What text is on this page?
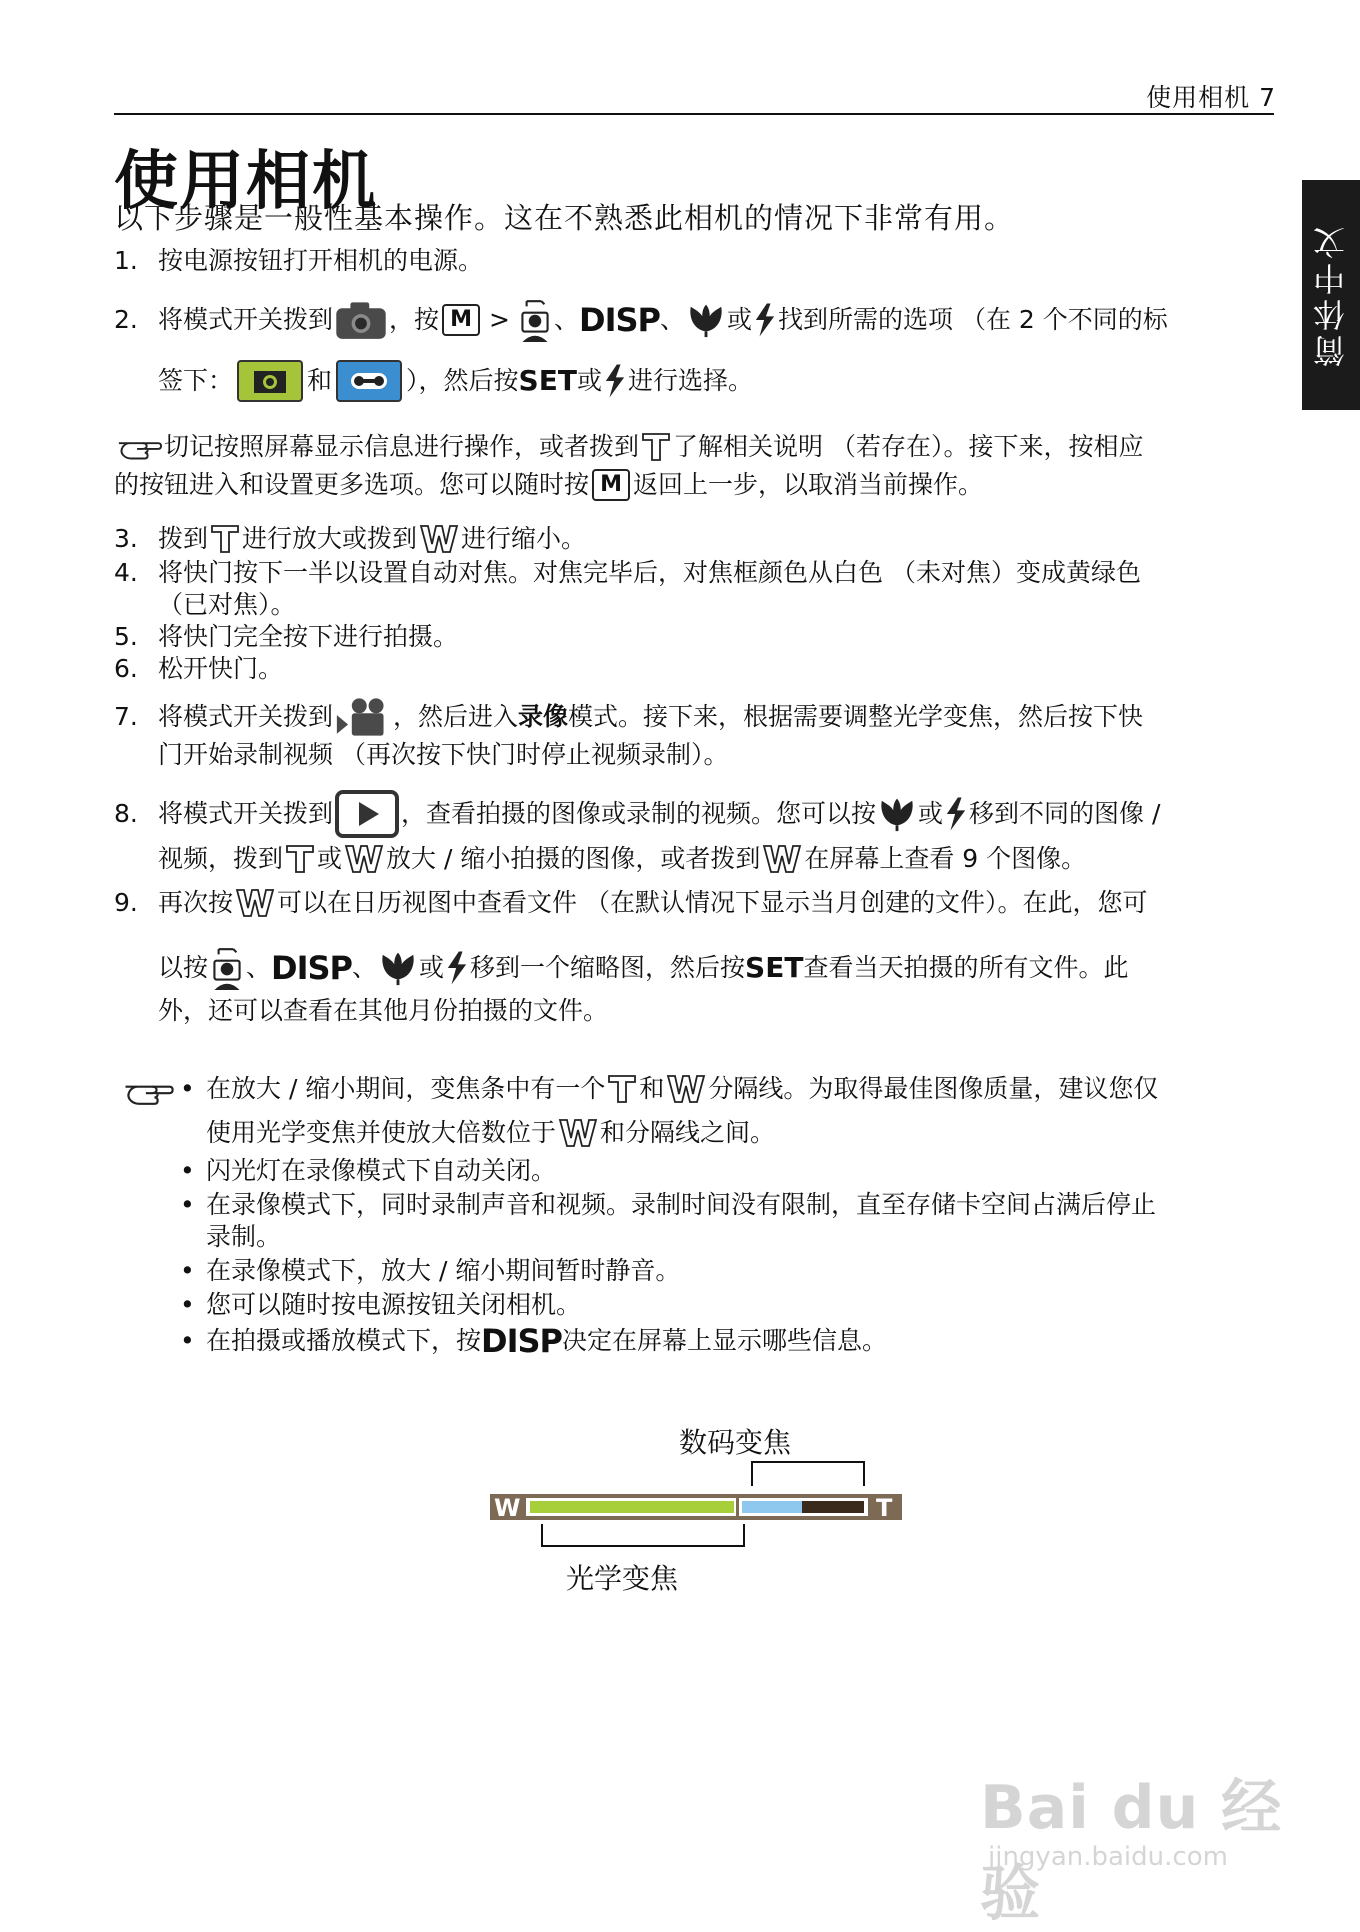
使用相机 7
简体中文
使用相机
以下步骤是一般性基本操作。这在不熟悉此相机的情况下非常有用。
1. 按电源按钮打开相机的电源。
2. 将模式开关拨到 ，按 M > 、 DISP 、 或 找到所需的选项 （在 2 个不同的标
签下：	和	），然后按 SET 或 进行选择。
切记按照屏幕显示信息进行操作，或者拨到 了解相关说明 （若存在）。接下来，按相应
的按钮进入和设置更多选项。您可以随时按 M 返回上一步，以取消当前操作。
3. 拨到 进行放大或拨到 进行缩小。
4. 将快门按下一半以设置自动对焦。对焦完毕后，对焦框颜色从白色 （未对焦）变成黄绿色
（已对焦）。
5. 将快门完全按下进行拍摄。
6. 松开快门。
7. 将模式开关拨到 ，然后进入 录像 模式。接下来，根据需要调整光学变焦，然后按下快
门开始录制视频 （再次按下快门时停止视频录制）。
8. 将模式开关拨到	，查看拍摄的图像或录制的视频。您可以按 或 移到不同的图像 /
视频，拨到 或 放大 / 缩小拍摄的图像，或者拨到 在屏幕上查看 9 个图像。
9. 再次按 可以在日历视图中查看文件 （在默认情况下显示当月创建的文件）。在此，您可
以按 、 DISP 、 或 移到一个缩略图，然后按 SET 查看当天拍摄的所有文件。此
外，还可以查看在其他月份拍摄的文件。
• 在放大 / 缩小期间，变焦条中有一个 和 分隔线。为取得最佳图像质量，建议您仅
使用光学变焦并使放大倍数位于 和分隔线之间。
• 闪光灯在录像模式下自动关闭。
• 在录像模式下，同时录制声音和视频。录制时间没有限制，直至存储卡空间占满后停止
录制。
• 在录像模式下，放大 / 缩小期间暂时静音。
• 您可以随时按电源按钮关闭相机。
• 在拍摄或播放模式下，按 DISP 决定在屏幕上显示哪些信息。
数码变焦
W	T
光学变焦
Bai du 经验
jingyan.baidu.com
